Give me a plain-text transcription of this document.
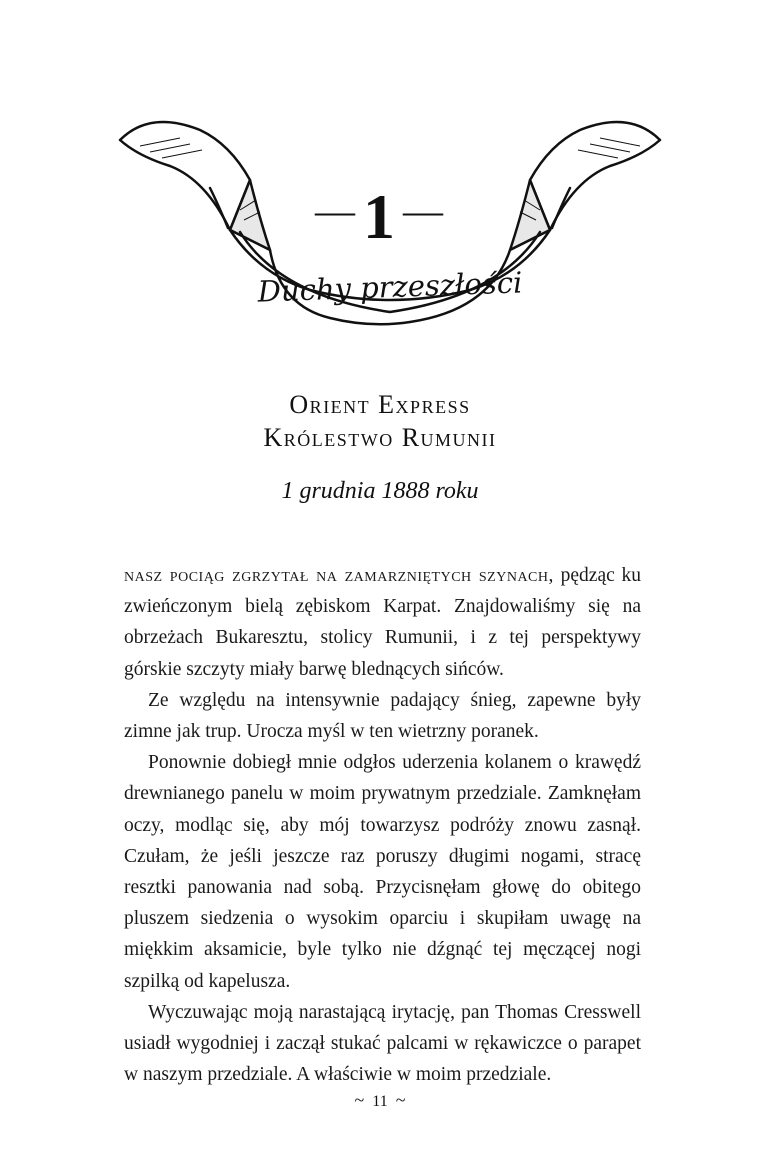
—1 —
Duchy przeszłości
Orient Express
Królestwo Rumunii
1 grudnia 1888 roku

nasz pociąg zgrzytał na zamarzniętych szynach, pędząc ku zwieńczonym bielą zębiskom Karpat. Znajdowaliśmy się na obrzeżach Bukaresztu, stolicy Rumunii, i z tej perspektywy górskie szczyty miały barwę blednących sińców.

Ze względu na intensywnie padający śnieg, zapewne były zimne jak trup. Urocza myśl w ten wietrzny poranek.

Ponownie dobiegł mnie odgłos uderzenia kolanem o krawędź drewnianego panelu w moim prywatnym przedziale. Zamknęłam oczy, modląc się, aby mój towarzysz podróży znowu zasnął. Czułam, że jeśli jeszcze raz poruszy długimi nogami, stracę resztki panowania nad sobą. Przycisnęłam głowę do obitego pluszem siedzenia o wysokim oparciu i skupiłam uwagę na miękkim aksamicie, byle tylko nie dźgnąć tej męczącej nogi szpilką od kapelusza.

Wyczuwając moją narastającą irytację, pan Thomas Cresswell usiadł wygodniej i zaczął stukać palcami w rękawiczce o parapet w naszym przedziale. A właściwie w moim przedziale.

~ 11 ~
